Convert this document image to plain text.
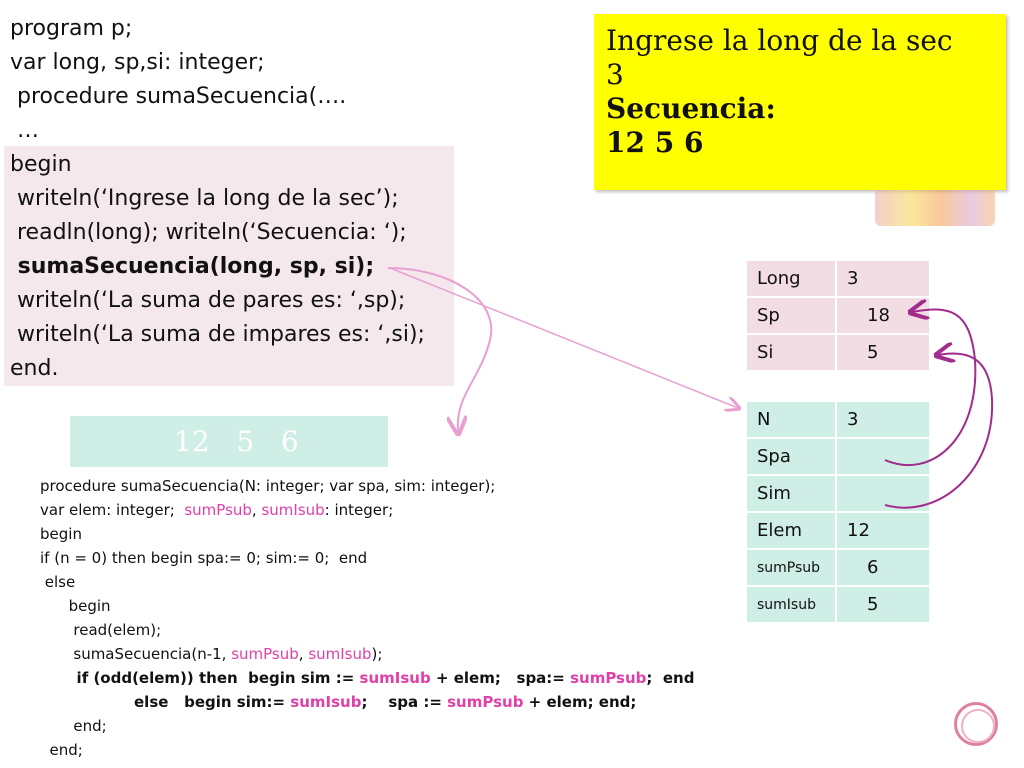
program p;
var long, sp,si: integer;
procedure sumaSecuencia(….
…
begin
writeln(‘Ingrese la long de la sec’);
readln(long); writeln(‘Secuencia: ‘);
sumaSecuencia(long, sp, si);
writeln(‘La suma de pares es: ‘,sp);
writeln(‘La suma de impares es: ‘,si);
end.
Ingrese la long de la sec
3
Secuencia:
12 5 6
12   5   6
procedure sumaSecuencia(N: integer; var spa, sim: integer);
var elem: integer;  sumPsub, sumIsub: integer;
begin
if (n = 0) then begin spa:= 0; sim:= 0;  end
else
begin
read(elem);
sumaSecuencia(n-1, sumPsub, sumIsub);
if (odd(elem)) then  begin sim := sumIsub + elem;   spa:= sumPsub;  end
else   begin sim:= sumIsub;    spa := sumPsub + elem; end;
end;
end;
Long	3
Sp	18
Si	5
N	3
Spa	
Sim	
Elem	12
sumPsub	6
sumIsub	5
